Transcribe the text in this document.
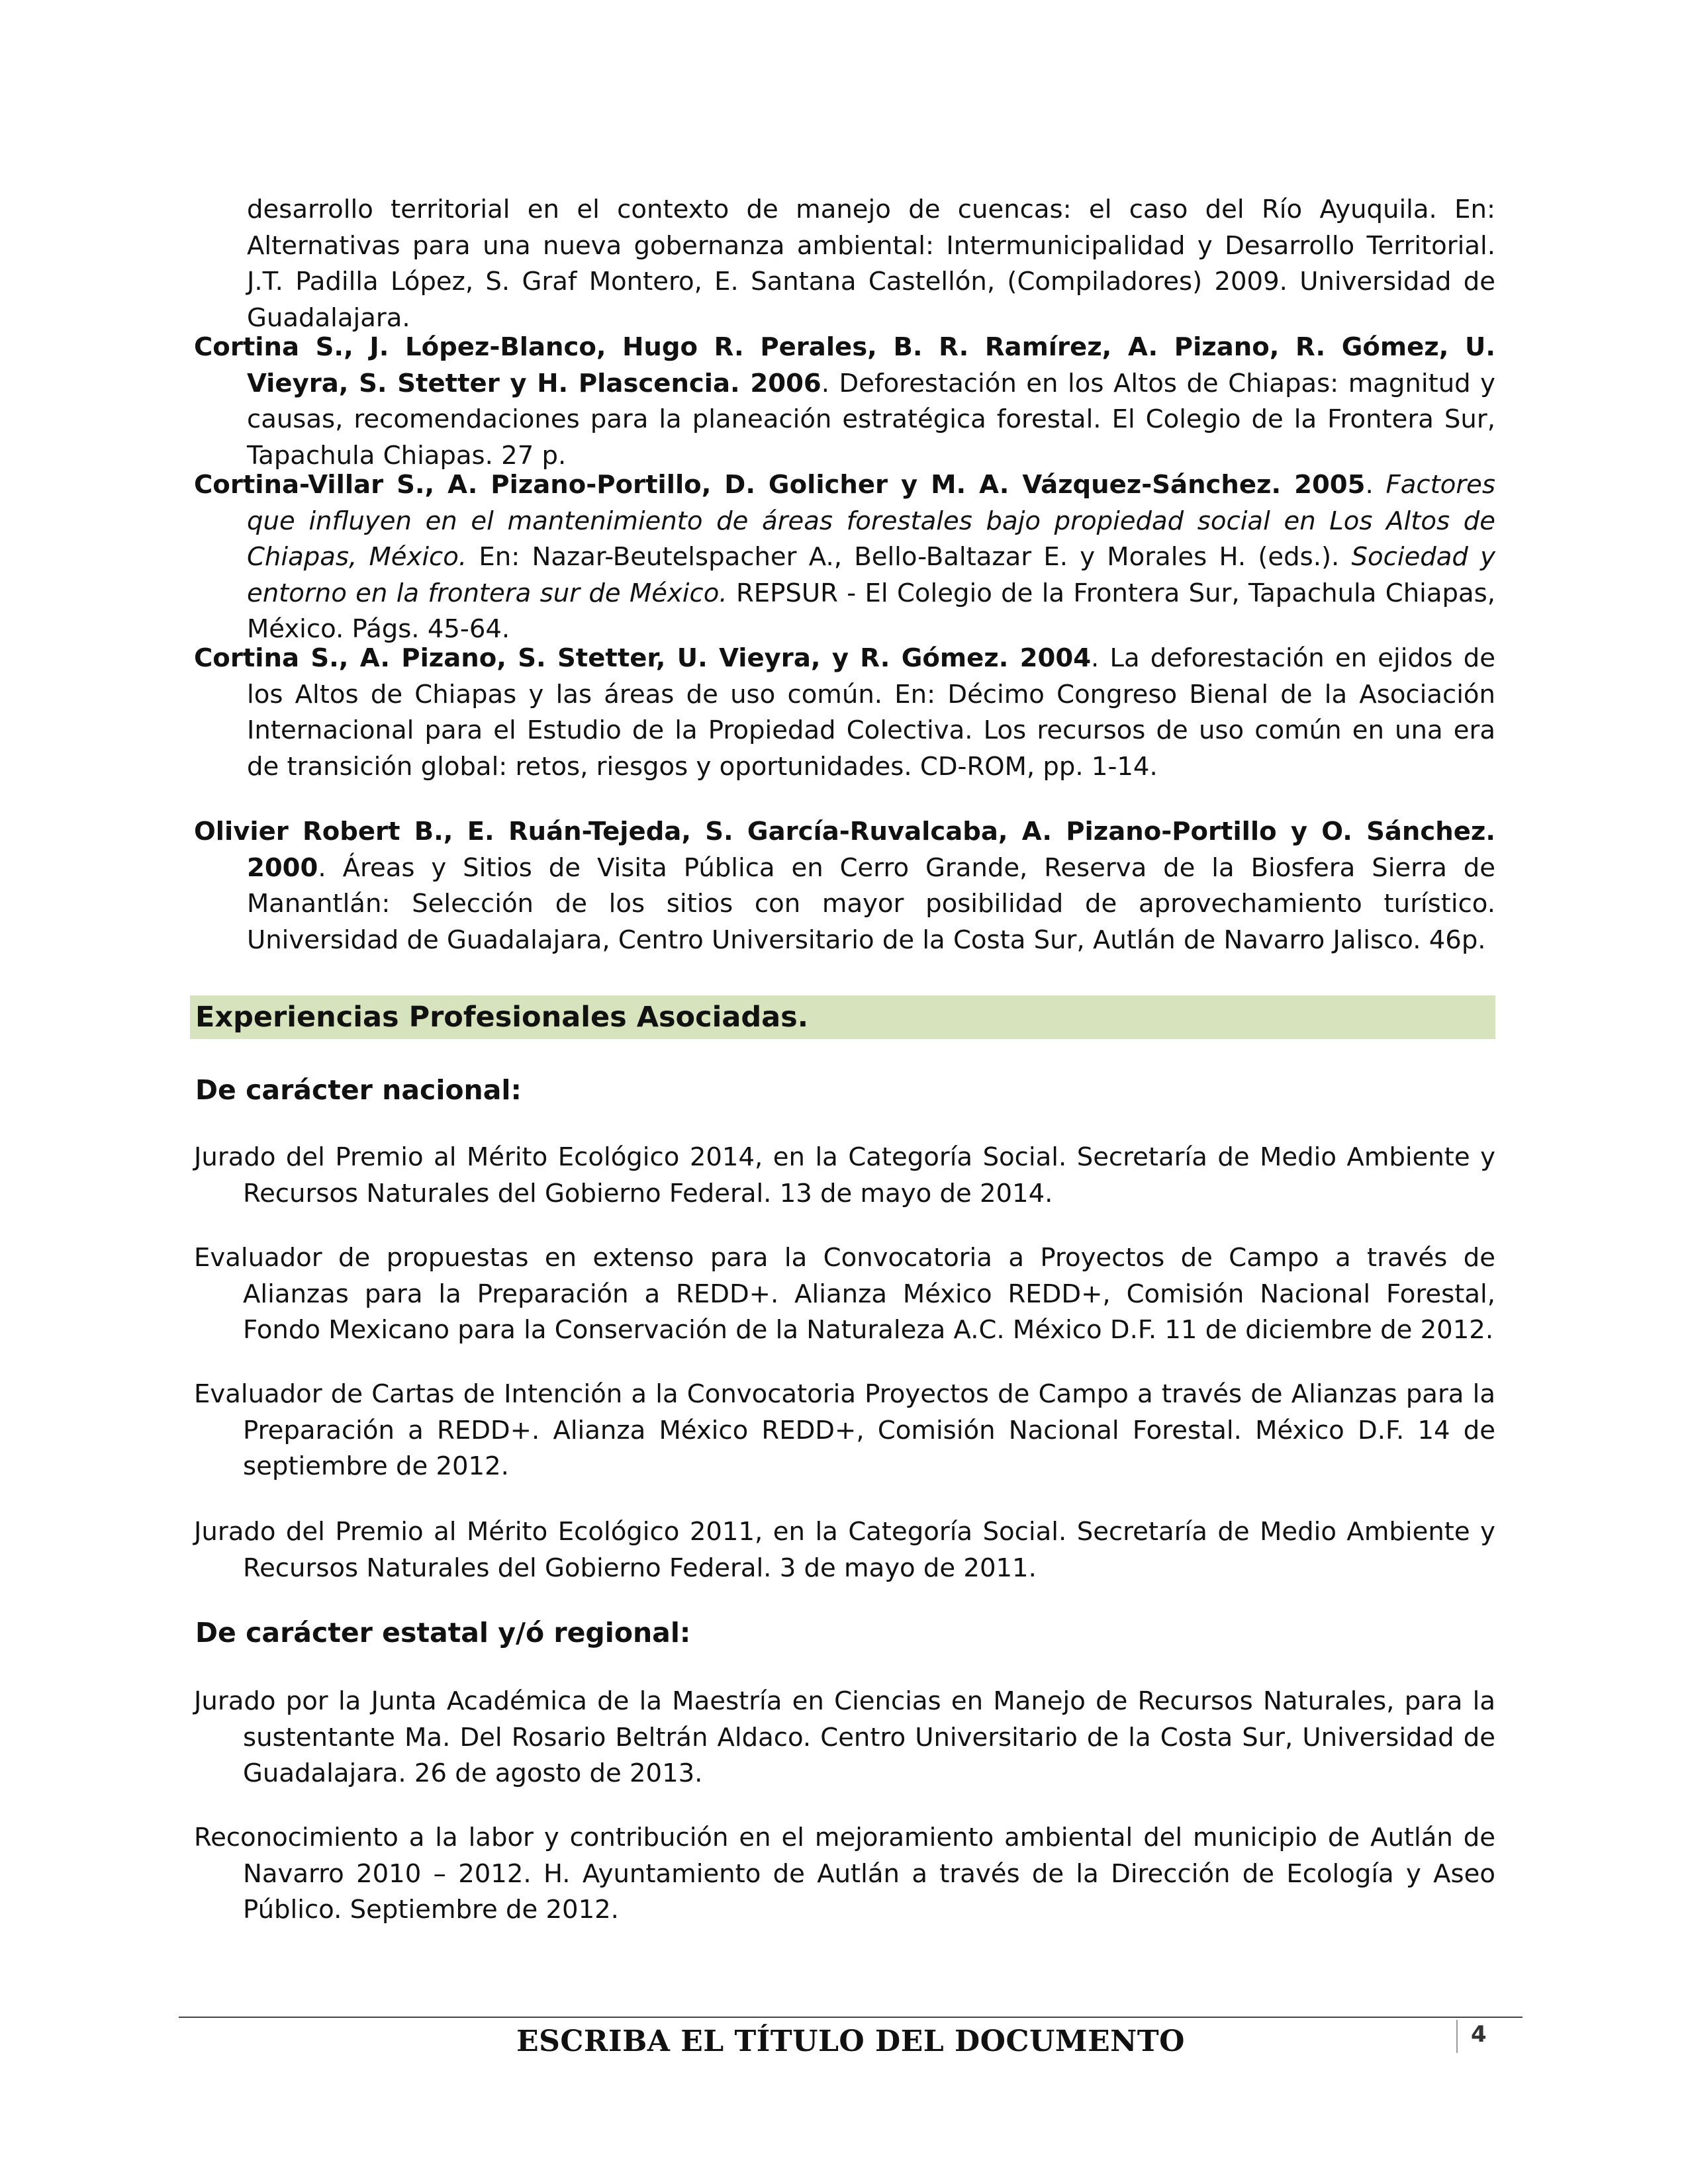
desarrollo territorial en el contexto de manejo de cuencas: el caso del Río Ayuquila. En: Alternativas para una nueva gobernanza ambiental: Intermunicipalidad y Desarrollo Territorial. J.T. Padilla López, S. Graf Montero, E. Santana Castellón, (Compiladores) 2009. Universidad de Guadalajara.

Cortina S., J. López-Blanco, Hugo R. Perales, B. R. Ramírez, A. Pizano, R. Gómez, U. Vieyra, S. Stetter y H. Plascencia. 2006. Deforestación en los Altos de Chiapas: magnitud y causas, recomendaciones para la planeación estratégica forestal. El Colegio de la Frontera Sur, Tapachula Chiapas. 27 p.

Cortina-Villar S., A. Pizano-Portillo, D. Golicher y M. A. Vázquez-Sánchez. 2005. Factores que influyen en el mantenimiento de áreas forestales bajo propiedad social en Los Altos de Chiapas, México. En: Nazar-Beutelspacher A., Bello-Baltazar E. y Morales H. (eds.). Sociedad y entorno en la frontera sur de México. REPSUR - El Colegio de la Frontera Sur, Tapachula Chiapas, México. Págs. 45-64.

Cortina S., A. Pizano, S. Stetter, U. Vieyra, y R. Gómez. 2004. La deforestación en ejidos de los Altos de Chiapas y las áreas de uso común. En: Décimo Congreso Bienal de la Asociación Internacional para el Estudio de la Propiedad Colectiva. Los recursos de uso común en una era de transición global: retos, riesgos y oportunidades. CD-ROM, pp. 1-14.

Olivier Robert B., E. Ruán-Tejeda, S. García-Ruvalcaba, A. Pizano-Portillo y O. Sánchez. 2000. Áreas y Sitios de Visita Pública en Cerro Grande, Reserva de la Biosfera Sierra de Manantlán: Selección de los sitios con mayor posibilidad de aprovechamiento turístico. Universidad de Guadalajara, Centro Universitario de la Costa Sur, Autlán de Navarro Jalisco. 46p.

Experiencias Profesionales Asociadas.
De carácter nacional:

Jurado del Premio al Mérito Ecológico 2014, en la Categoría Social. Secretaría de Medio Ambiente y Recursos Naturales del Gobierno Federal. 13 de mayo de 2014.

Evaluador de propuestas en extenso para la Convocatoria a Proyectos de Campo a través de Alianzas para la Preparación a REDD+. Alianza México REDD+, Comisión Nacional Forestal, Fondo Mexicano para la Conservación de la Naturaleza A.C. México D.F. 11 de diciembre de 2012.

Evaluador de Cartas de Intención a la Convocatoria Proyectos de Campo a través de Alianzas para la Preparación a REDD+. Alianza México REDD+, Comisión Nacional Forestal. México D.F. 14 de septiembre de 2012.

Jurado del Premio al Mérito Ecológico 2011, en la Categoría Social. Secretaría de Medio Ambiente y Recursos Naturales del Gobierno Federal. 3 de mayo de 2011.

De carácter estatal y/ó regional:

Jurado por la Junta Académica de la Maestría en Ciencias en Manejo de Recursos Naturales, para la sustentante Ma. Del Rosario Beltrán Aldaco. Centro Universitario de la Costa Sur, Universidad de Guadalajara. 26 de agosto de 2013.

Reconocimiento a la labor y contribución en el mejoramiento ambiental del municipio de Autlán de Navarro 2010 – 2012. H. Ayuntamiento de Autlán a través de la Dirección de Ecología y Aseo Público. Septiembre de 2012.

ESCRIBA EL TÍTULO DEL DOCUMENTO	4
